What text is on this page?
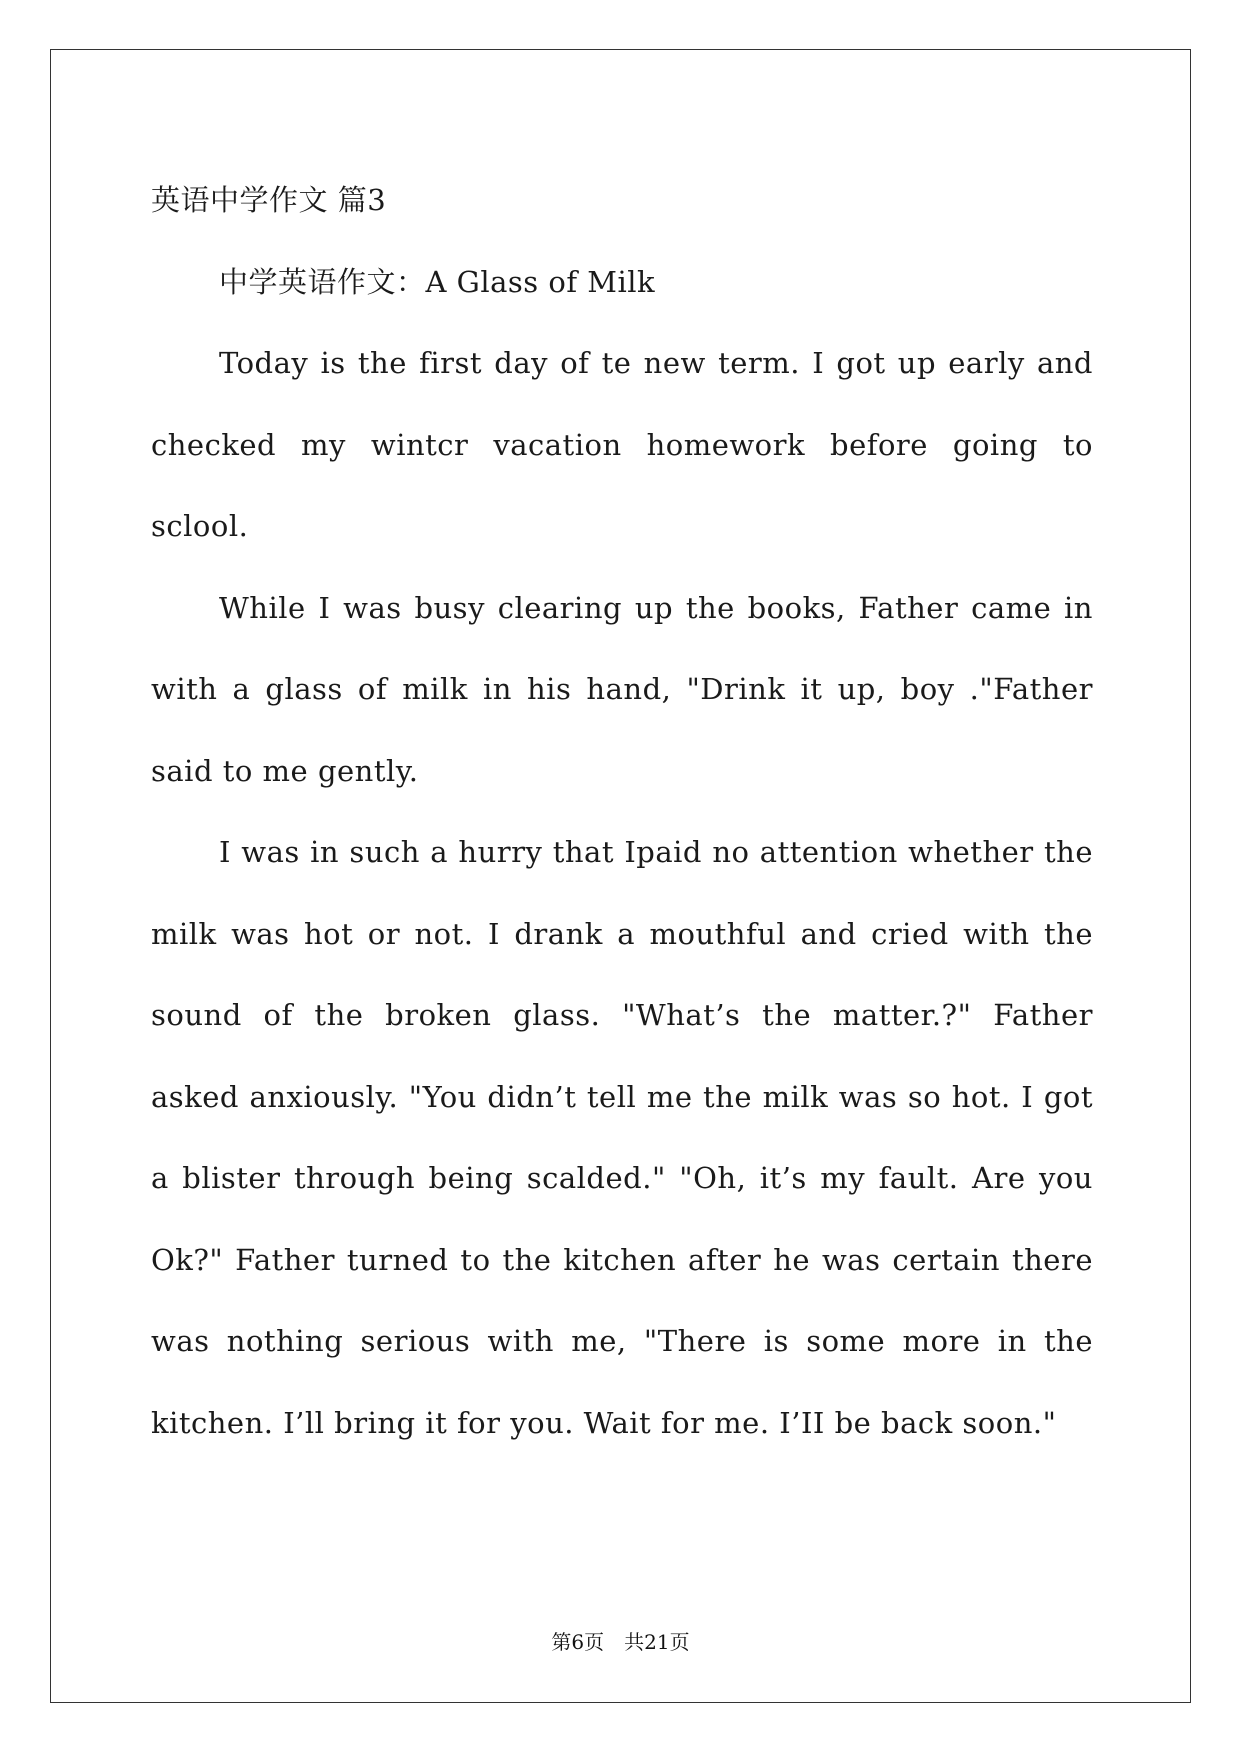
英语中学作文 篇3

中学英语作文：A Glass of Milk

Today is the first day of te new term. I got up early and checked my wintcr vacation homework before going to sclool.

While I was busy clearing up the books, Father came in with a glass of milk in his hand, "Drink it up, boy ."Father said to me gently.

I was in such a hurry that Ipaid no attention whether the milk was hot or not. I drank a mouthful and cried with the sound of the broken glass. "What’s the matter.?" Father asked anxiously. "You didn’t tell me the milk was so hot. I got a blister through being scalded." "Oh, it’s my fault. Are you Ok?" Father turned to the kitchen after he was certain there was nothing serious with me, "There is some more in the kitchen. I’ll bring it for you. Wait for me. I’II be back soon."

第6页　共21页
